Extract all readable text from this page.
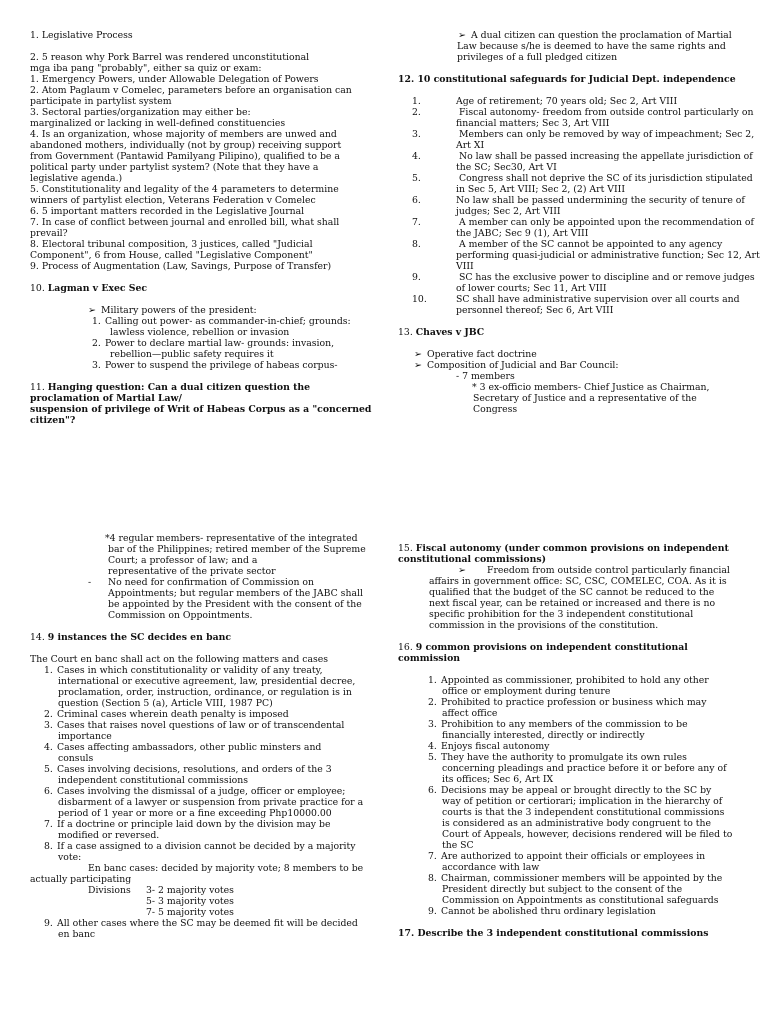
1. Legislative Process

2. 5 reason why Pork Barrel was rendered unconstitutional
mga iba pang "probably", either sa quiz or exam:
1. Emergency Powers, under Allowable Delegation of Powers
2. Atom Paglaum v Comelec, parameters before an organisation can
participate in partylist system
3. Sectoral parties/organization may either be:
marginalized or lacking in well-defined constituencies
4. Is an organization, whose majority of members are unwed and
abandoned mothers, individually (not by group) receiving support
from Government (Pantawid Pamilyang Pilipino), qualified to be a
political party under partylist system? (Note that they have a
legislative agenda.)
5. Constitutionality and legality of the 4 parameters to determine
winners of partylist election, Veterans Federation v Comelec
6. 5 important matters recorded in the Legislative Journal
7. In case of conflict between journal and enrolled bill, what shall
prevail?
8. Electoral tribunal composition, 3 justices, called "Judicial
Component", 6 from House, called "Legislative Component"
9. Process of Augmentation (Law, Savings, Purpose of Transfer)
10. Lagman v Exec Sec
➢ Military powers of the president:
1. Calling out power- as commander-in-chief; grounds:
lawless violence, rebellion or invasion
2. Power to declare martial law- grounds: invasion,
rebellion—public safety requires it
3. Power to suspend the privilege of habeas corpus-
11. Hanging question: Can a dual citizen question the
proclamation of Martial Law/
suspension of privilege of Writ of Habeas Corpus as a "concerned
citizen"?
➢ A dual citizen can question the proclamation of Martial
Law because s/he is deemed to have the same rights and
privileges of a full pledged citizen
12. 10 constitutional safeguards for Judicial Dept. independence
1.	Age of retirement; 70 years old; Sec 2, Art VIII
2.	Fiscal autonomy- freedom from outside control particularly on
financial matters; Sec 3, Art VIII
3.	Members can only be removed by way of impeachment; Sec 2,
Art XI
4.	No law shall be passed increasing the appellate jurisdiction of
the SC; Sec30, Art VI
5.	Congress shall not deprive the SC of its jurisdiction stipulated
in Sec 5, Art VIII; Sec 2, (2) Art VIII
6.	No law shall be passed undermining the security of tenure of
judges; Sec 2, Art VIII
7.	A member can only be appointed upon the recommendation of
the JABC; Sec 9 (1), Art VIII
8.	A member of the SC cannot be appointed to any agency
performing quasi-judicial or administrative function; Sec 12, Art
VIII
9.	SC has the exclusive power to discipline and or remove judges
of lower courts; Sec 11, Art VIII
10.	SC shall have administrative supervision over all courts and
personnel thereof; Sec 6, Art VIII
13. Chaves v JBC
➢ Operative fact doctrine
➢ Composition of Judicial and Bar Council:
- 7 members
* 3 ex-officio members- Chief Justice as Chairman,
Secretary of Justice and a representative of the
Congress
*4 regular members- representative of the integrated
bar of the Philippines; retired member of the Supreme
Court; a professor of law; and a
representative of the private sector
- No need for confirmation of Commission on
Appointments; but regular members of the JABC shall
be appointed by the President with the consent of the
Commission on Oppointments.
14. 9 instances the SC decides en banc
The Court en banc shall act on the following matters and cases
1. Cases in which constitutionality or validity of any treaty,
international or executive agreement, law, presidential decree,
proclamation, order, instruction, ordinance, or regulation is in
question (Section 5 (a), Article VIII, 1987 PC)
2. Criminal cases wherein death penalty is imposed
3. Cases that raises novel questions of law or of transcendental
importance
4. Cases affecting ambassadors, other public minsters and
consuls
5. Cases involving decisions, resolutions, and orders of the 3
independent constitutional commissions
6. Cases involving the dismissal of a judge, officer or employee;
disbarment of a lawyer or suspension from private practice for a
period of 1 year or more or a fine exceeding Php10000.00
7. If a doctrine or principle laid down by the division may be
modified or reversed.
8. If a case assigned to a division cannot be decided by a majority
vote:
En banc cases: decided by majority vote; 8 members to be
actually participating
Divisions	3- 2 majority votes
5- 3 majority votes
7- 5 majority votes
9. All other cases where the SC may be deemed fit will be decided
en banc
15. Fiscal autonomy (under common provisions on independent
constitutional commissions)
➢ Freedom from outside control particularly financial
affairs in government office: SC, CSC, COMELEC, COA. As it is
qualified that the budget of the SC cannot be reduced to the
next fiscal year, can be retained or increased and there is no
specific prohibition for the 3 independent constitutional
commission in the provisions of the constitution.
16. 9 common provisions on independent constitutional
commission
1. Appointed as commissioner, prohibited to hold any other
office or employment during tenure
2. Prohibited to practice profession or business which may
affect office
3. Prohibition to any members of the commission to be
financially interested, directly or indirectly
4. Enjoys fiscal autonomy
5. They have the authority to promulgate its own rules
concerning pleadings and practice before it or before any of
its offices; Sec 6, Art IX
6. Decisions may be appeal or brought directly to the SC by
way of petition or certiorari; implication in the hierarchy of
courts is that the 3 independent constitutional commissions
is considered as an administrative body congruent to the
Court of Appeals, however, decisions rendered will be filed to
the SC
7. Are authorized to appoint their officials or employees in
accordance with law
8. Chairman, commissioner members will be appointed by the
President directly but subject to the consent of the
Commission on Appointments as constitutional safeguards
9. Cannot be abolished thru ordinary legislation
17. Describe the 3 independent constitutional commissions
